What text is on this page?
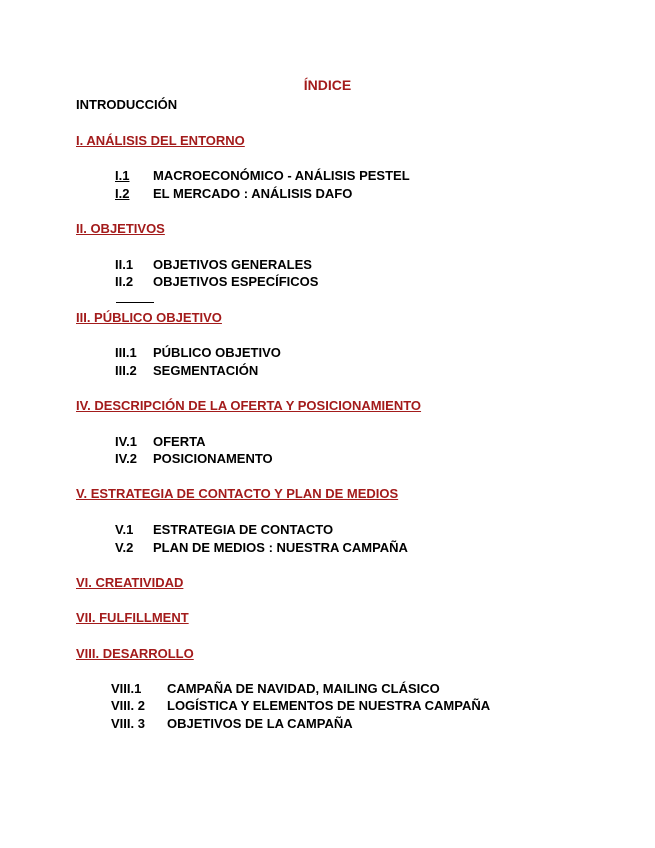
ÍNDICE
INTRODUCCIÓN
I. ANÁLISIS DEL ENTORNO
I.1 MACROECONÓMICO - ANÁLISIS PESTEL
I.2 EL MERCADO : ANÁLISIS DAFO
II. OBJETIVOS
II.1 OBJETIVOS GENERALES
II.2 OBJETIVOS ESPECÍFICOS
III. PÚBLICO OBJETIVO
III.1 PÚBLICO OBJETIVO
III.2 SEGMENTACIÓN
IV. DESCRIPCIÓN DE LA OFERTA Y POSICIONAMIENTO
IV.1 OFERTA
IV.2 POSICIONAMENTO
V. ESTRATEGIA DE CONTACTO Y PLAN DE MEDIOS
V.1 ESTRATEGIA DE CONTACTO
V.2 PLAN DE MEDIOS : NUESTRA CAMPAÑA
VI. CREATIVIDAD
VII. FULFILLMENT
VIII. DESARROLLO
VIII.1 CAMPAÑA DE NAVIDAD, MAILING CLÁSICO
VIII. 2 LOGÍSTICA Y ELEMENTOS DE NUESTRA CAMPAÑA
VIII. 3 OBJETIVOS DE LA CAMPAÑA
